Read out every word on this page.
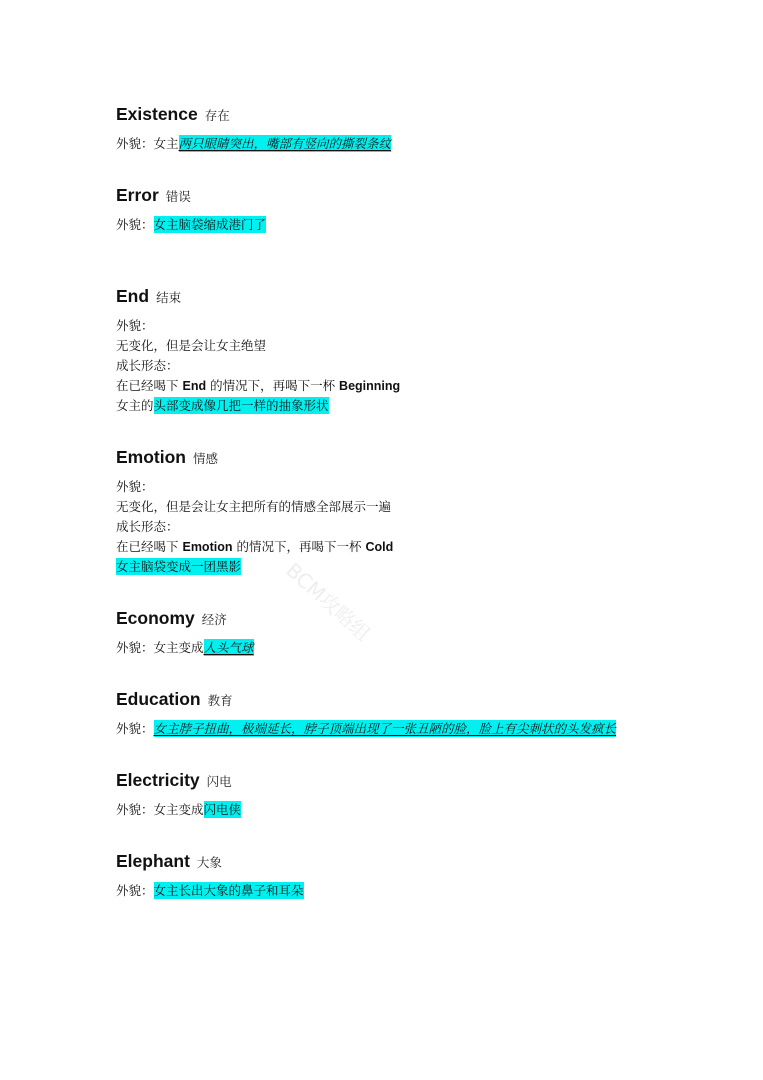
Existence 存在
外貌：女主两只眼睛突出，嘴部有竖向的撕裂条纹
Error 错误
外貌：女主脑袋缩成港门了
End 结束
外貌：
无变化，但是会让女主绝望
成长形态：
在已经喝下 End 的情况下，再喝下一杯 Beginning
女主的头部变成像几把一样的抽象形状
Emotion 情感
外貌：
无变化，但是会让女主把所有的情感全部展示一遍
成长形态：
在已经喝下 Emotion 的情况下，再喝下一杯 Cold
女主脑袋变成一团黑影
Economy 经济
外貌：女主变成人头气球
Education 教育
外貌：女主脖子扭曲，极端延长，脖子顶端出现了一张丑陋的脸，脸上有尖刺状的头发疯长
Electricity 闪电
外貌：女主变成闪电侠
Elephant 大象
外貌：女主长出大象的鼻子和耳朵
BCM攻略组
